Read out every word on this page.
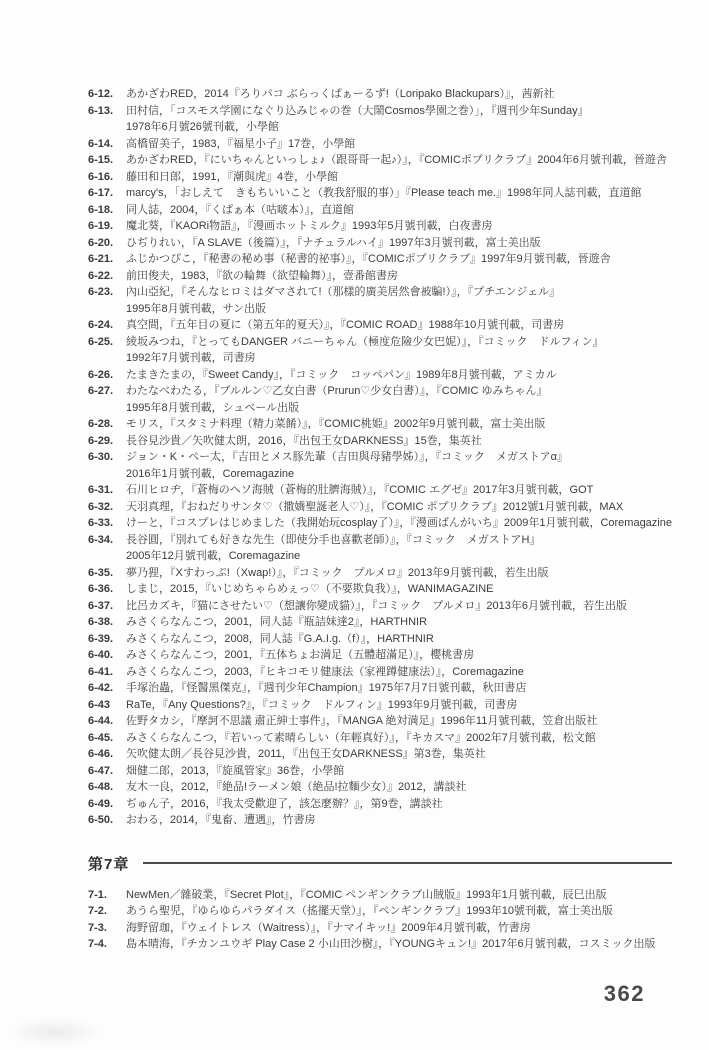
6-12.	あかざわRED，2014『ろりパコ ぶらっくぱぁーるず!（Loripako Blackupars）』，茜新社
6-13.	田村信，「コスモス学園になぐり込みじゃの巻（大鬧Cosmos學園之巻）」，『週刊少年Sunday』
1978年6月號26號刊載，小學館
6-14.	高橋留美子，1983，『福星小子』17巻，小學館
6-15.	あかざわRED，『にいちゃんといっしょ♪（跟哥哥一起♪）』，『COMICポプリクラブ』2004年6月號刊載，晉遊舎
6-16.	藤田和日郎，1991，『潮與虎』4巻，小學館
6-17.	marcy's，「おしえて　きもちいいこと（教我舒服的事）」『Please teach me.』1998年同人誌刊載，直道館
6-18.	同人誌，2004，『くぱぁ本（咕啵本）』，直道館
6-19.	魔北葵，『KAORi物語』，『漫画ホットミルク』1993年5月號刊載，白夜書房
6-20.	ひぢりれい，『A SLAVE（後篇）』，『ナチュラルハイ』1997年3月號刊載，富士美出版
6-21.	ふじかつぴこ，『秘書の秘め事（秘書的祕事）』，『COMICポプリクラブ』1997年9月號刊載，晉遊舎
6-22.	前田俊夫，1983，『欲の輪舞（欲望輪舞）』，壹番館書房
6-23.	內山亞紀，『そんなヒロミはダマされて!（那樣的廣美居然會被騙!）』，『プチエンジェル』
1995年8月號刊載，サン出版
6-24.	真空間，『五年目の夏に（第五年的夏天）』，『COMIC ROAD』1988年10月號刊載，司書房
6-25.	綾坂みつね，『とってもDANGER バニーちゃん（極度危險少女巴妮）』，『コミック　ドルフィン』
1992年7月號刊載，司書房
6-26.	たまきたまの，『Sweet Candy』，『コミック　コッペパン』1989年8月號刊載，アミカル
6-27.	わたなべわたる，『ブルルン♡乙女白書（Prurun♡少女白書）』，『COMIC ゆみちゃん』
1995年8月號刊載，シュベール出版
6-28.	モリス，『スタミナ料理（精力菜餚）』，『COMIC桃姫』2002年9月號刊載，富士美出版
6-29.	長谷見沙貴／矢吹健太朗，2016，『出包王女DARKNESS』15巻，集英社
6-30.	ジョン・K・ペー太，『吉田とメス豚先輩（吉田與母豬學姊）』，『コミック　メガストアα』
2016年1月號刊載，Coremagazine
6-31.	石川ヒロヂ，『蒼梅のヘソ海賊（蒼梅的肚臍海賊）』，『COMIC エグゼ』2017年3月號刊載，GOT
6-32.	天羽真理，『おねだりサンタ♡（撒嬌聖誕老人♡）』，『COMIC ポプリクラブ』2012號1月號刊載，MAX
6-33.	けーと，『コスプレはじめました（我開始玩cosplay了）』，『漫画ばんがいち』2009年1月號刊載，Coremagazine
6-34.	長谷圓，『別れても好きな先生（即使分手也喜歡老師）』，『コミック　メガストアH』
2005年12月號刊載，Coremagazine
6-35.	夢乃狸，『Xすわっぷ!（Xwap!）』，『コミック　プルメロ』2013年9月號刊載，若生出版
6-36.	しまじ，2015，『いじめちゃらめぇっ♡（不要欺負我）』，WANIMAGAZINE
6-37.	比呂カズキ，『猫にさせたい♡（想讓你變成貓）』，『コミック　プルメロ』2013年6月號刊載，若生出版
6-38.	みさくらなんこつ，2001，同人誌『瓶詰妹達2』，HARTHNIR
6-39.	みさくらなんこつ，2008，同人誌『G.A.I.g.（f）』，HARTHNIR
6-40.	みさくらなんこつ，2001，『五体ちょお満足（五體超滿足）』，櫻桃書房
6-41.	みさくらなんこつ，2003，『ヒキコモリ健康法（家裡蹲健康法）』，Coremagazine
6-42.	手塚治蟲，『怪醫黑傑克』，『週刊少年Champion』1975年7月7日號刊載，秋田書店
6-43	RaTe，『Any Questions?』，『コミック　ドルフィン』1993年9月號刊載，司書房
6-44.	佐野タカシ，『摩訶不思議 肅正紳士事件』，『MANGA 絶対満足』1996年11月號刊載，笠倉出版社
6-45.	みさくらなんこつ，『若いって素晴らしい（年輕真好）』，『キカスマ』2002年7月號刊載，松文館
6-46.	矢吹健太朗／長谷見沙貴，2011，『出包王女DARKNESS』第3巻，集英社
6-47.	畑健二郎，2013，『旋風管家』36巻，小學館
6-48.	友木一良，2012，『絶品!ラーメン娘（絶品!拉麵少女）』2012，講談社
6-49.	ぢゅん子，2016，『我太受歡迎了，該怎麼辦？』，第9巻，講談社
6-50.	おわる，2014，『鬼畜、遭遇』，竹書房
第7章
7-1.	NewMen／雜破業，『Secret Plot』，『COMIC ペンギンクラブ山賊版』1993年1月號刊載，辰巳出版
7-2.	あうら聖児，『ゆらゆらパラダイス（搖擺天堂）』，『ペンギンクラブ』1993年10號刊載，富士美出版
7-3.	海野留珈，『ウェイトレス（Waitress）』，『ナマイキッ!』2009年4月號刊載，竹書房
7-4.	島本晴海，『チカンユウギ Play Case 2 小山田沙樹』，『YOUNGキュン!』2017年6月號刊載，コスミック出版
362
